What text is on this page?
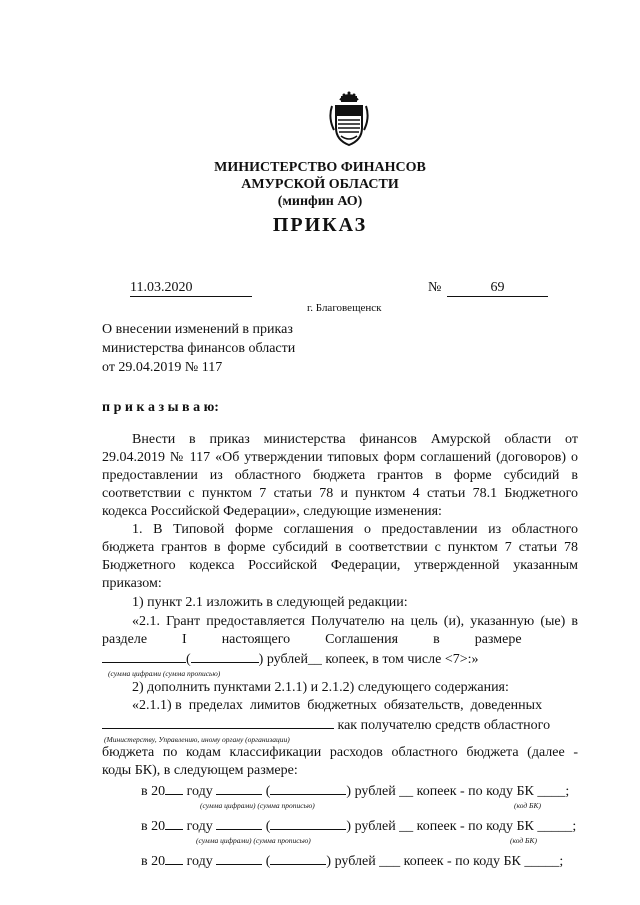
МИНИСТЕРСТВО ФИНАНСОВ
АМУРСКОЙ ОБЛАСТИ
(минфин АО)
ПРИКАЗ
11.03.2020	№	69
г. Благовещенск
О внесении изменений в приказ
министерства финансов области
от 29.04.2019 № 117
п р и к а з ы в а ю:
Внести в приказ министерства финансов Амурской области от
29.04.2019 № 117 «Об утверждении типовых форм соглашений (договоров) о
предоставлении из областного бюджета грантов в форме субсидий в
соответствии с пунктом 7 статьи 78 и пунктом 4 статьи 78.1 Бюджетного
кодекса Российской Федерации», следующие изменения:
1. В Типовой форме соглашения о предоставлении из областного
бюджета грантов в форме субсидий в соответствии с пунктом 7 статьи 78
Бюджетного кодекса Российской Федерации, утвержденной указанным
приказом:
1) пункт 2.1 изложить в следующей редакции:
«2.1. Грант предоставляется Получателю на цель (и), указанную (ые) в
разделе          I          настоящего          Соглашения          в          размере
(	) рублей__ копеек, в том числе <7>:»
(сумма цифрами (сумма прописью)
2) дополнить пунктами 2.1.1) и 2.1.2) следующего содержания:
«2.1.1) в  пределах  лимитов  бюджетных  обязательств,  доведенных
как получателю средств областного
(Министерству, Управлению, иному органу (организации)
бюджета по кодам классификации расходов областного бюджета (далее -
коды БК), в следующем размере:
в 20 году	(	) рублей __ копеек - по коду БК ____;
(сумма цифрами) (сумма прописью)	(код БК)
в 20 году	(	) рублей __ копеек - по коду БК _____;
(сумма цифрами) (сумма прописью)	(код БК)
в 20 году	(	) рублей ___ копеек - по коду БК _____;
